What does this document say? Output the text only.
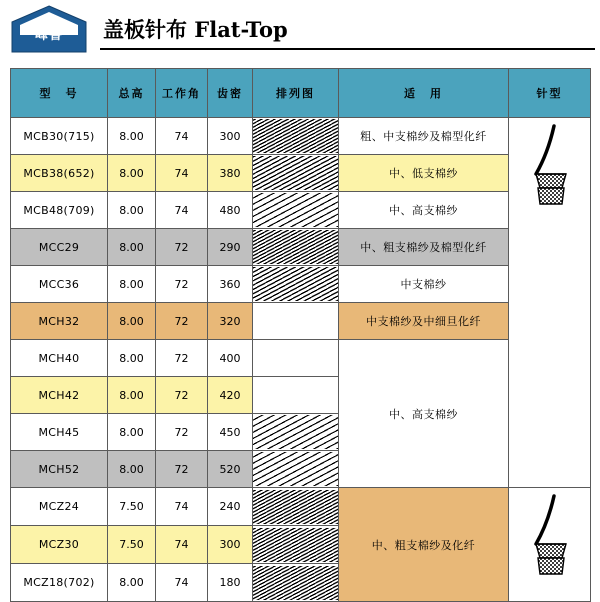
峰鲁	盖板针布 Flat-Top
型　号	总高	工作角	齿密	排列图	适　用	针型
MCB30(715)	8.00	74	300		粗、中支棉纱及棉型化纤	

MCB38(652)	8.00	74	380		中、低支棉纱	
MCB48(709)	8.00	74	480		中、高支棉纱	
MCC29	8.00	72	290		中、粗支棉纱及棉型化纤	
MCC36	8.00	72	360		中支棉纱	
MCH32	8.00	72	320		中支棉纱及中细旦化纤	
MCH40	8.00	72	400		中、高支棉纱	
MCH42	8.00	72	420			

MCH45	8.00	72	450			

MCH52	8.00	72	520			

MCZ24	7.50	74	240		中、粗支棉纱及化纤	

MCZ30	7.50	74	300			

MCZ18(702)	8.00	74	180			
